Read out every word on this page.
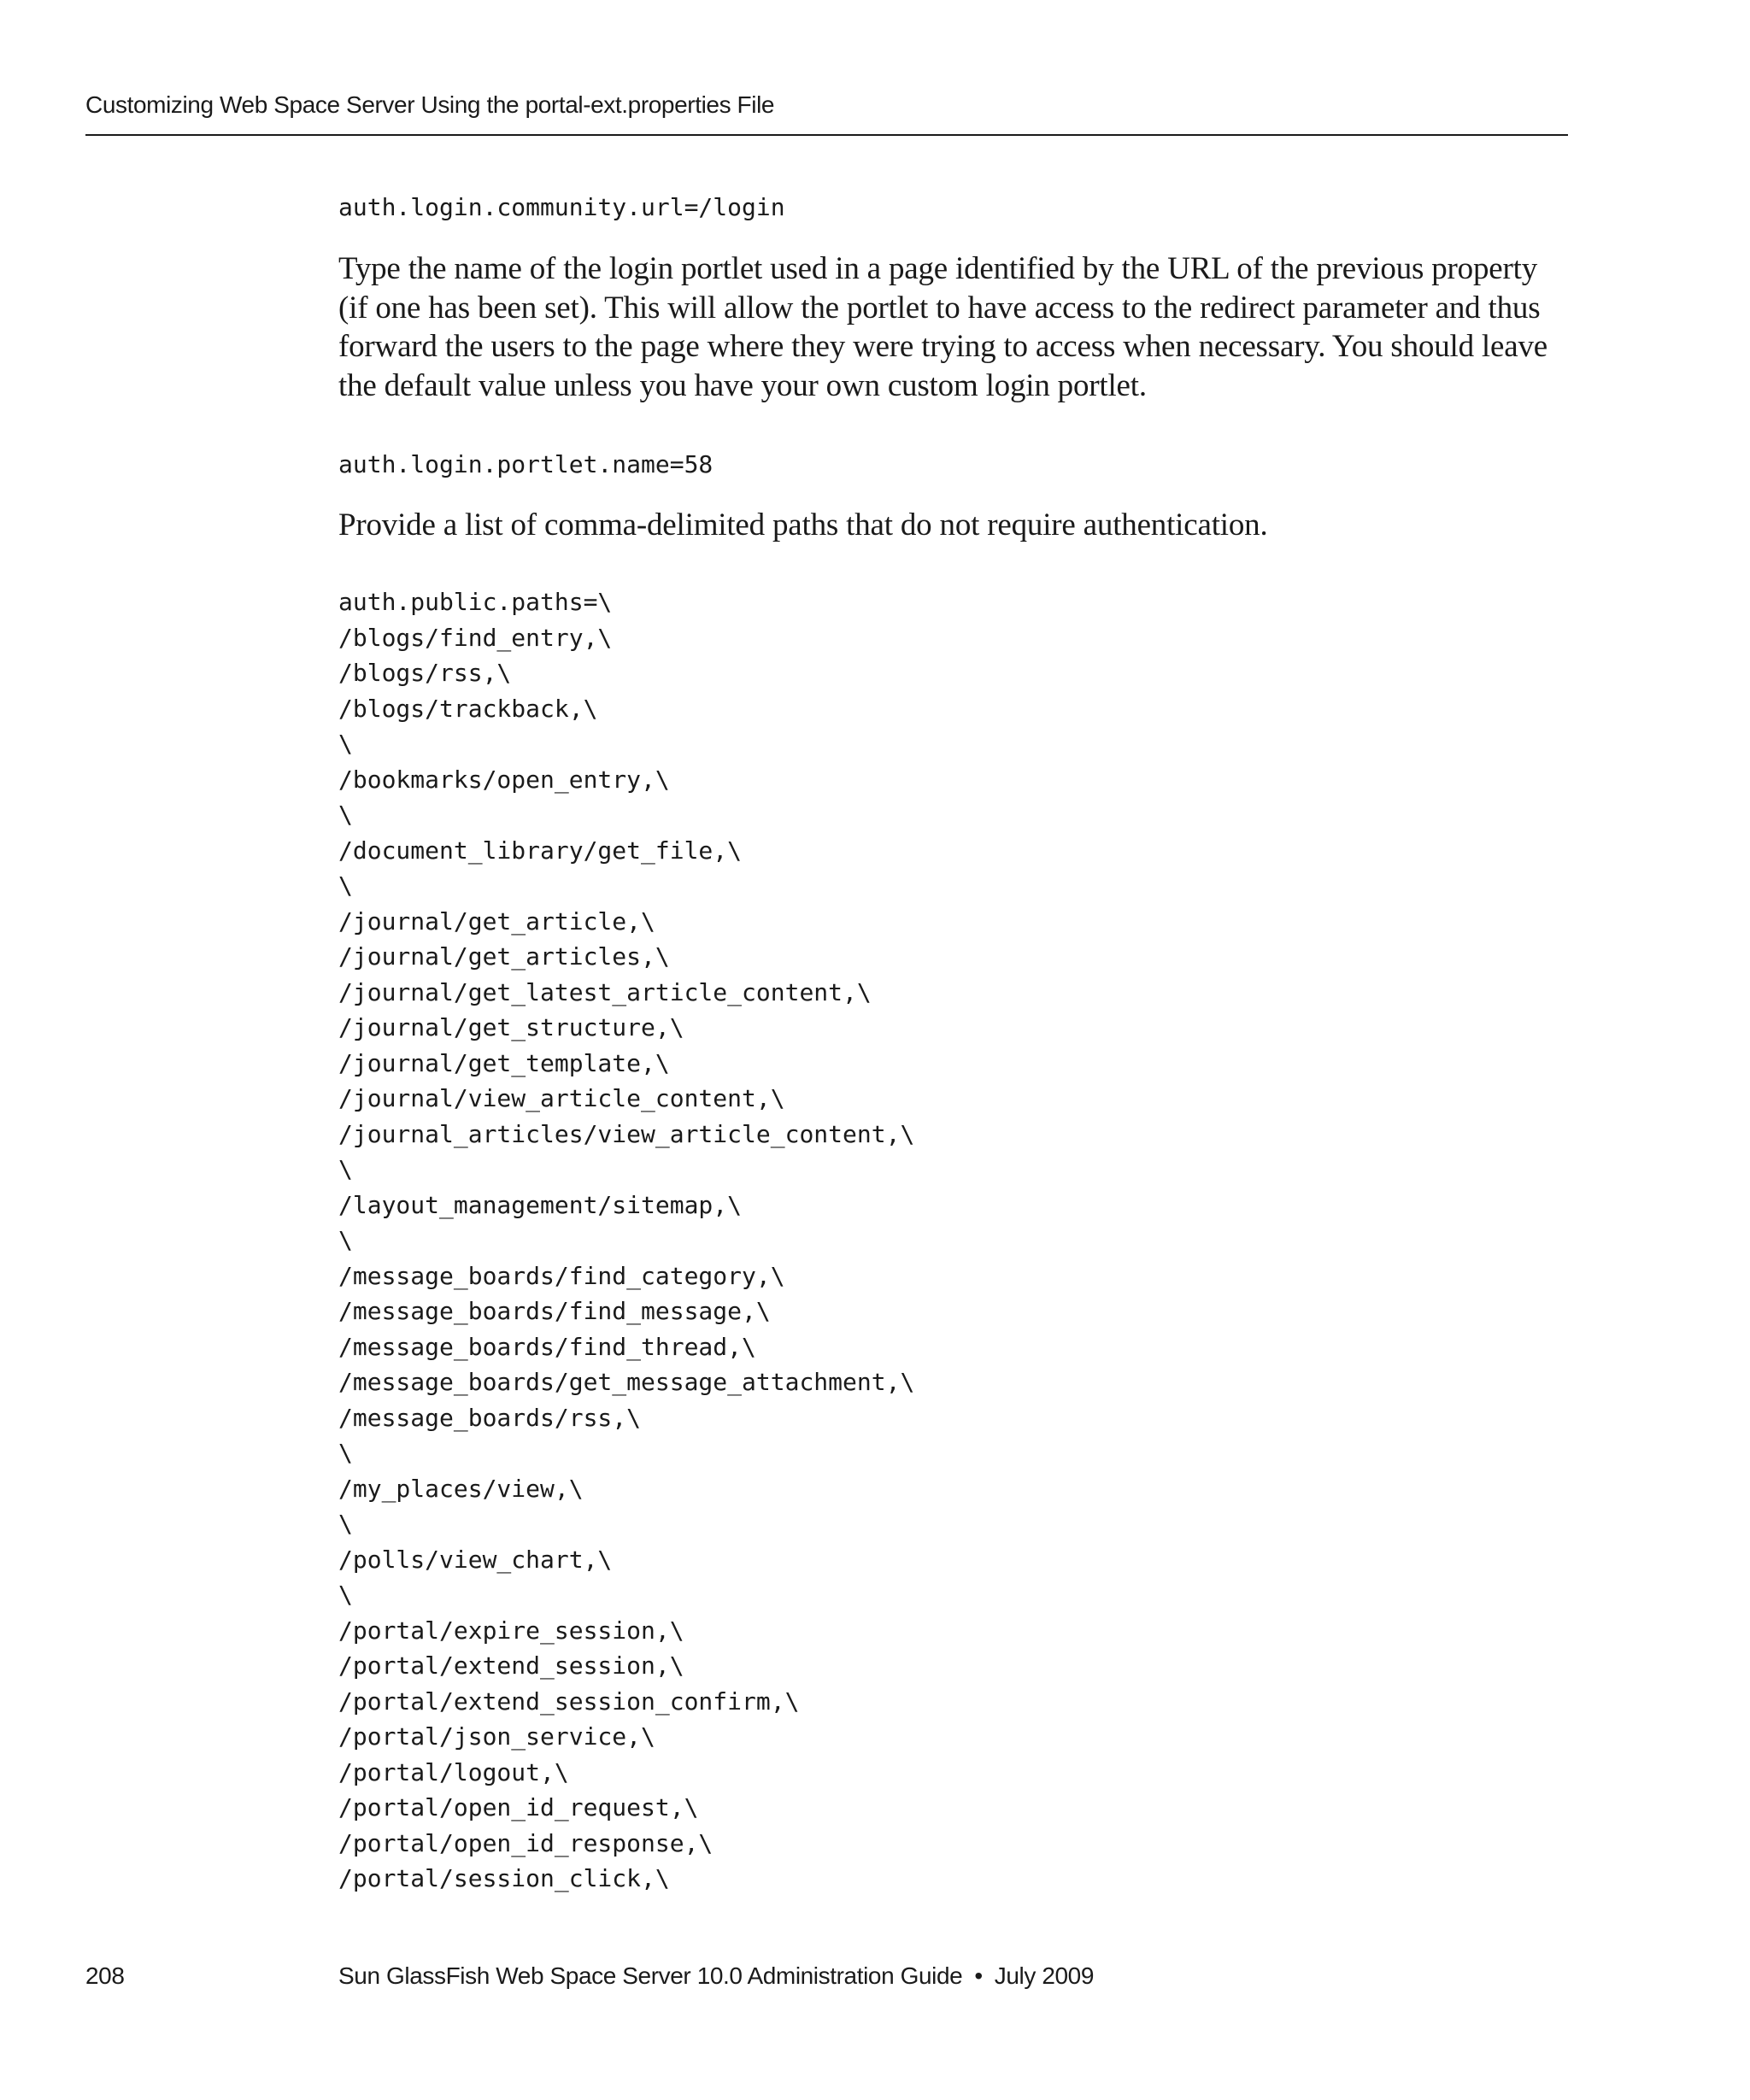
Customizing Web Space Server Using the portal-ext.properties File
auth.login.community.url=/login

Type the name of the login portlet used in a page identified by the URL of the previous property (if one has been set). This will allow the portlet to have access to the redirect parameter and thus forward the users to the page where they were trying to access when necessary. You should leave the default value unless you have your own custom login portlet.

auth.login.portlet.name=58

Provide a list of comma-delimited paths that do not require authentication.

auth.public.paths=\
/blogs/find_entry,\
/blogs/rss,\
/blogs/trackback,\
\
/bookmarks/open_entry,\
\
/document_library/get_file,\
\
/journal/get_article,\
/journal/get_articles,\
/journal/get_latest_article_content,\
/journal/get_structure,\
/journal/get_template,\
/journal/view_article_content,\
/journal_articles/view_article_content,\
\
/layout_management/sitemap,\
\
/message_boards/find_category,\
/message_boards/find_message,\
/message_boards/find_thread,\
/message_boards/get_message_attachment,\
/message_boards/rss,\
\
/my_places/view,\
\
/polls/view_chart,\
\
/portal/expire_session,\
/portal/extend_session,\
/portal/extend_session_confirm,\
/portal/json_service,\
/portal/logout,\
/portal/open_id_request,\
/portal/open_id_response,\
/portal/session_click,\
208	Sun GlassFish Web Space Server 10.0 Administration Guide • July 2009
